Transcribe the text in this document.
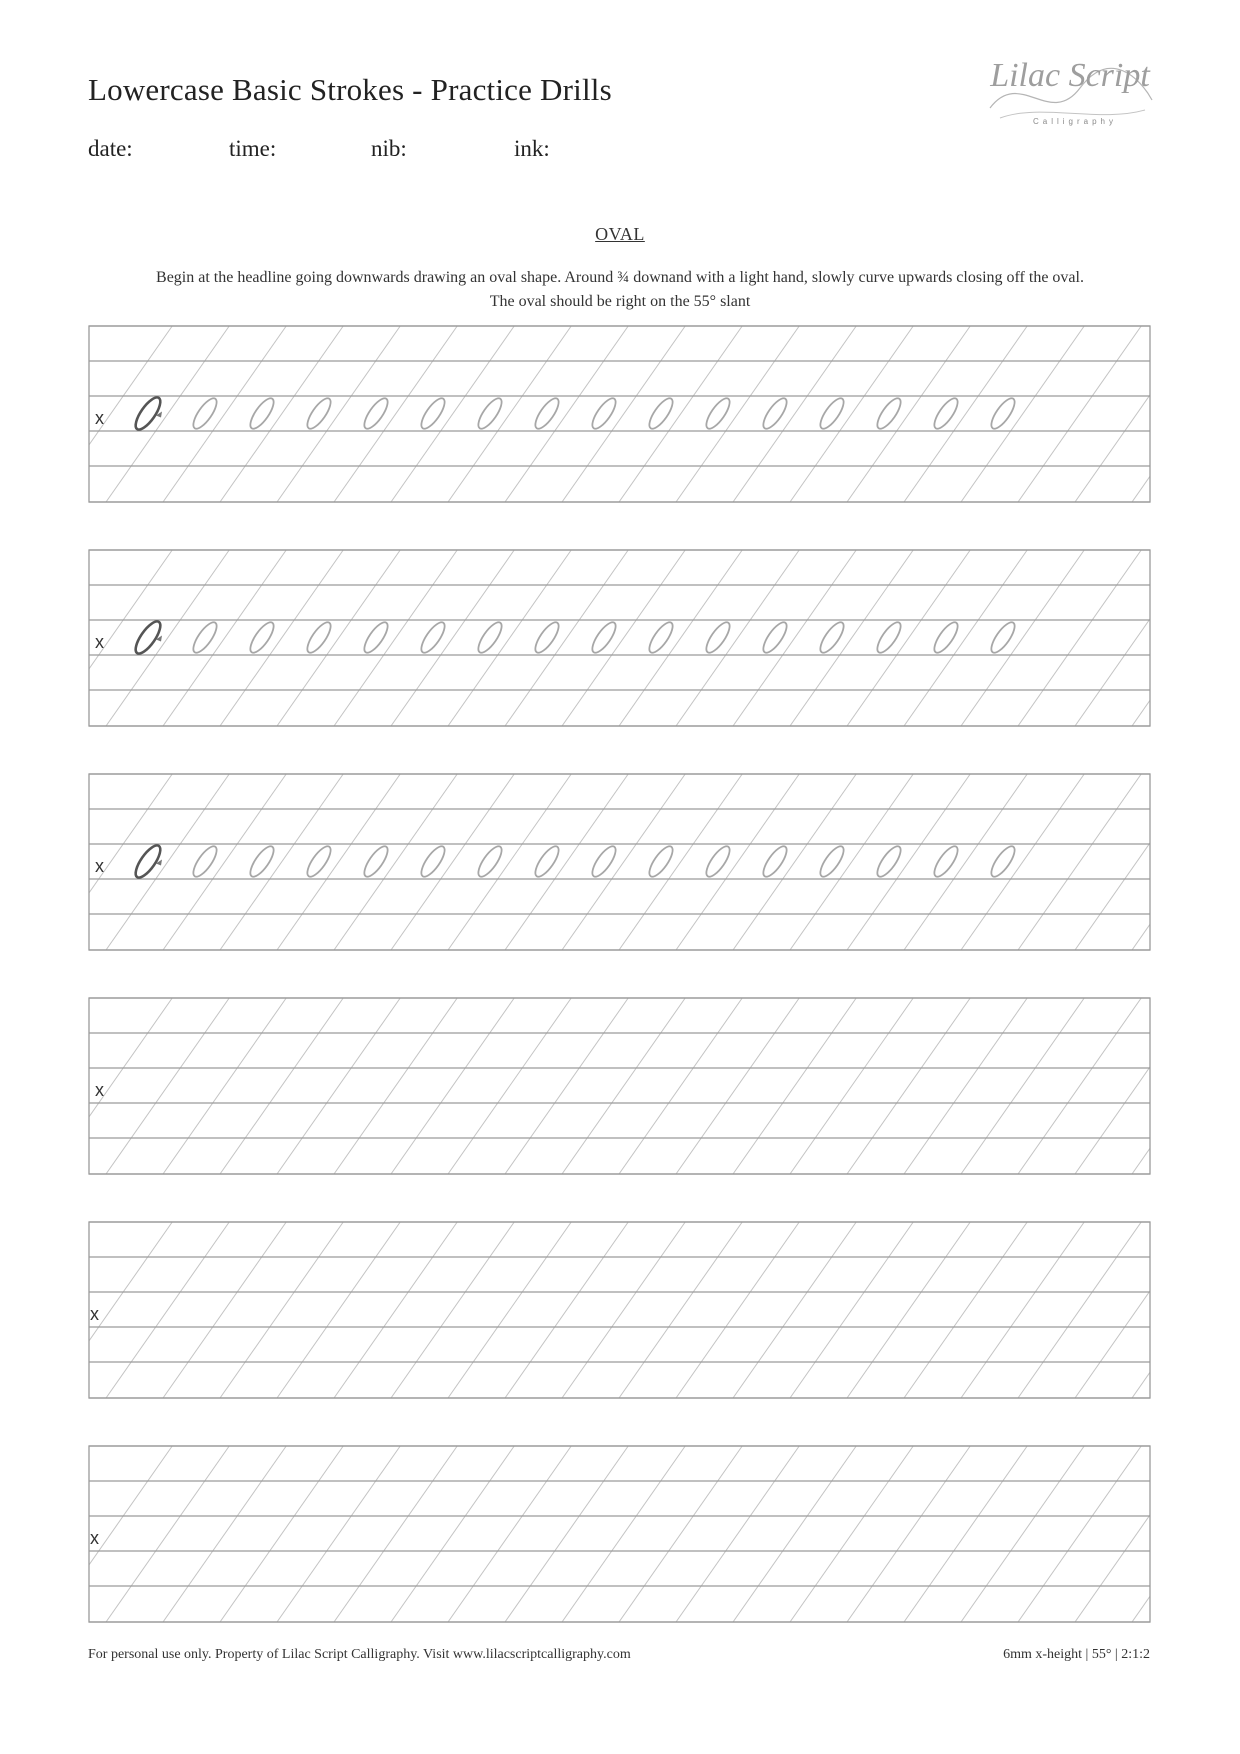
Lowercase Basic Strokes - Practice Drills
date:	time:	nib:	ink:
Lilac Script
Calligraphy
OVAL
Begin at the headline going downwards drawing an oval shape. Around ¾ downand with a light hand, slowly curve upwards closing off the oval.
The oval should be right on the 55° slant
x
x
x
x
x
x
For personal use only. Property of Lilac Script Calligraphy. Visit www.lilacscriptcalligraphy.com	6mm x-height | 55° | 2:1:2
